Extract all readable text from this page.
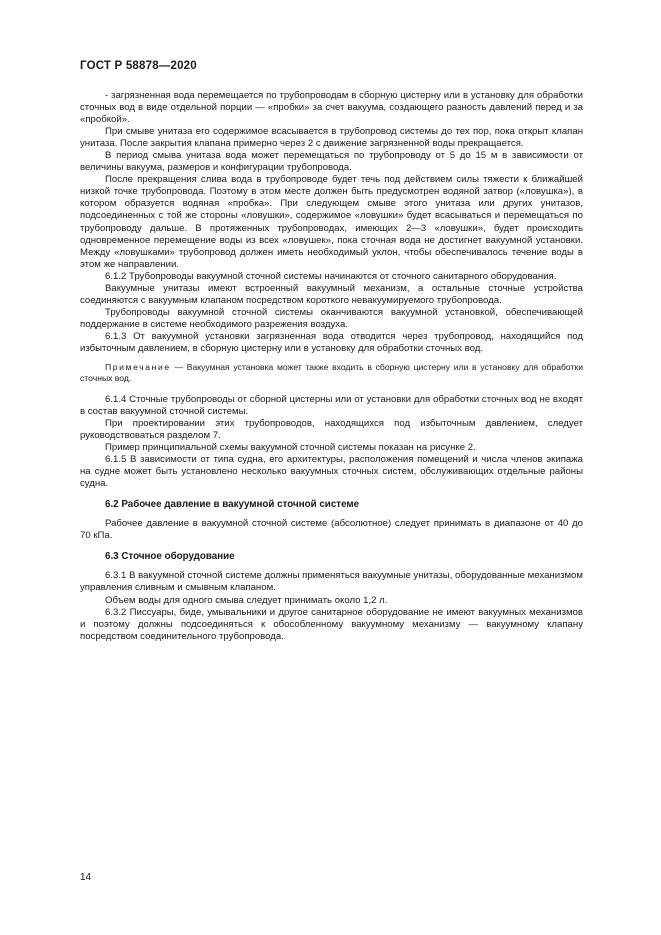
ГОСТ Р 58878—2020

- загрязненная вода перемещается по трубопроводам в сборную цистерну или в установку для обработки сточных вод в виде отдельной порции — «пробки» за счет вакуума, создающего разность давлений перед и за «пробкой».

При смыве унитаза его содержимое всасывается в трубопровод системы до тех пор, пока открыт клапан унитаза. После закрытия клапана примерно через 2 с движение загрязненной воды прекращается.

В период смыва унитаза вода может перемещаться по трубопроводу от 5 до 15 м в зависимости от величины вакуума, размеров и конфигурации трубопровода.

После прекращения слива вода в трубопроводе будет течь под действием силы тяжести к ближайшей низкой точке трубопровода. Поэтому в этом месте должен быть предусмотрен водяной затвор («ловушка»), в котором образуется водяная «пробка». При следующем смыве этого унитаза или других унитазов, подсоединенных с той же стороны «ловушки», содержимое «ловушки» будет всасываться и перемещаться по трубопроводу дальше. В протяженных трубопроводах, имеющих 2—3 «ловушки», будет происходить одновременное перемещение воды из всех «ловушек», пока сточная вода не достигнет вакуумной установки. Между «ловушками» трубопровод должен иметь необходимый уклон, чтобы обеспечивалось течение воды в этом же направлении.

6.1.2 Трубопроводы вакуумной сточной системы начинаются от сточного санитарного оборудования.

Вакуумные унитазы имеют встроенный вакуумный механизм, а остальные сточные устройства соединяются с вакуумным клапаном посредством короткого невакуумируемого трубопровода.

Трубопроводы вакуумной сточной системы оканчиваются вакуумной установкой, обеспечивающей поддержание в системе необходимого разрежения воздуха.

6.1.3 От вакуумной установки загрязненная вода отводится через трубопровод, находящийся под избыточным давлением, в сборную цистерну или в установку для обработки сточных вод.

Примечание — Вакуумная установка может также входить в сборную цистерну или в установку для обработки сточных вод.

6.1.4 Сточные трубопроводы от сборной цистерны или от установки для обработки сточных вод не входят в состав вакуумной сточной системы.

При проектировании этих трубопроводов, находящихся под избыточным давлением, следует руководствоваться разделом 7.

Пример принципиальной схемы вакуумной сточной системы показан на рисунке 2.

6.1.5 В зависимости от типа судна, его архитектуры, расположения помещений и числа членов экипажа на судне может быть установлено несколько вакуумных сточных систем, обслуживающих отдельные районы судна.

6.2 Рабочее давление в вакуумной сточной системе

Рабочее давление в вакуумной сточной системе (абсолютное) следует принимать в диапазоне от 40 до 70 кПа.

6.3 Сточное оборудование

6.3.1 В вакуумной сточной системе должны применяться вакуумные унитазы, оборудованные механизмом управления сливным и смывным клапаном.

Объем воды для одного смыва следует принимать около 1,2 л.

6.3.2 Писсуары, биде, умывальники и другое санитарное оборудование не имеют вакуумных механизмов и поэтому должны подсоединяться к обособленному вакуумному механизму — вакуумному клапану посредством соединительного трубопровода.

14
